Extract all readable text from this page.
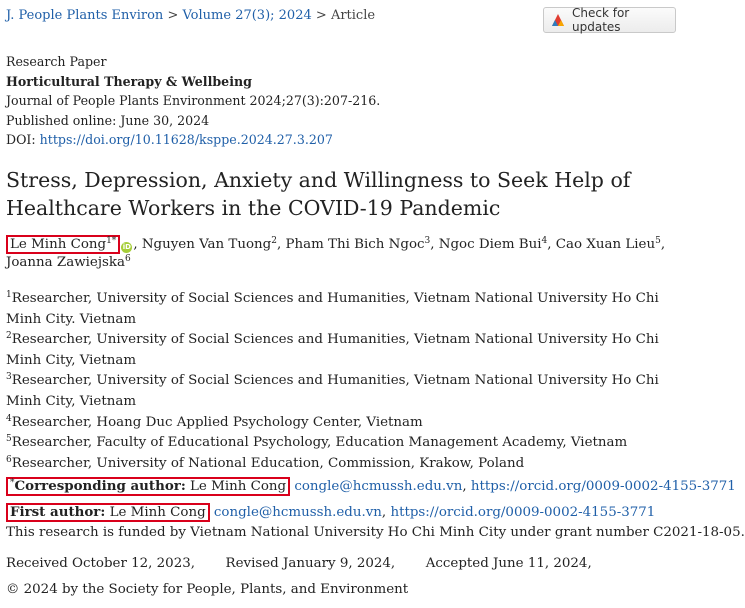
J. People Plants Environ > Volume 27(3); 2024 > Article	Check for updates
Research Paper
Horticultural Therapy & Wellbeing
Journal of People Plants Environment 2024;27(3):207-216.
Published online: June 30, 2024
DOI: https://doi.org/10.11628/ksppe.2024.27.3.207
Stress, Depression, Anxiety and Willingness to Seek Help of Healthcare Workers in the COVID-19 Pandemic
Le Minh Cong$^{1*}$iD , Nguyen Van Tuong$^2$, Pham Thi Bich Ngoc$^3$, Ngoc Diem Bui$^4$, Cao Xuan Lieu$^5$, Joanna Zawiejska$^6$

$^1$Researcher, University of Social Sciences and Humanities, Vietnam National University Ho Chi Minh City. Vietnam

$^2$Researcher, University of Social Sciences and Humanities, Vietnam National University Ho Chi Minh City, Vietnam

$^3$Researcher, University of Social Sciences and Humanities, Vietnam National University Ho Chi Minh City, Vietnam

$^4$Researcher, Hoang Duc Applied Psychology Center, Vietnam

$^5$Researcher, Faculty of Educational Psychology, Education Management Academy, Vietnam

$^6$Researcher, University of National Education, Commission, Krakow, Poland

*Corresponding author: Le Minh Cong congle@hcmussh.edu.vn, https://orcid.org/0009-0002-4155-3771
First author: Le Minh Cong congle@hcmussh.edu.vn, https://orcid.org/0009-0002-4155-3771
This research is funded by Vietnam National University Ho Chi Minh City under grant number C2021-18-05.
Received October 12, 2023, Revised January 9, 2024, Accepted June 11, 2024,
© 2024 by the Society for People, Plants, and Environment
